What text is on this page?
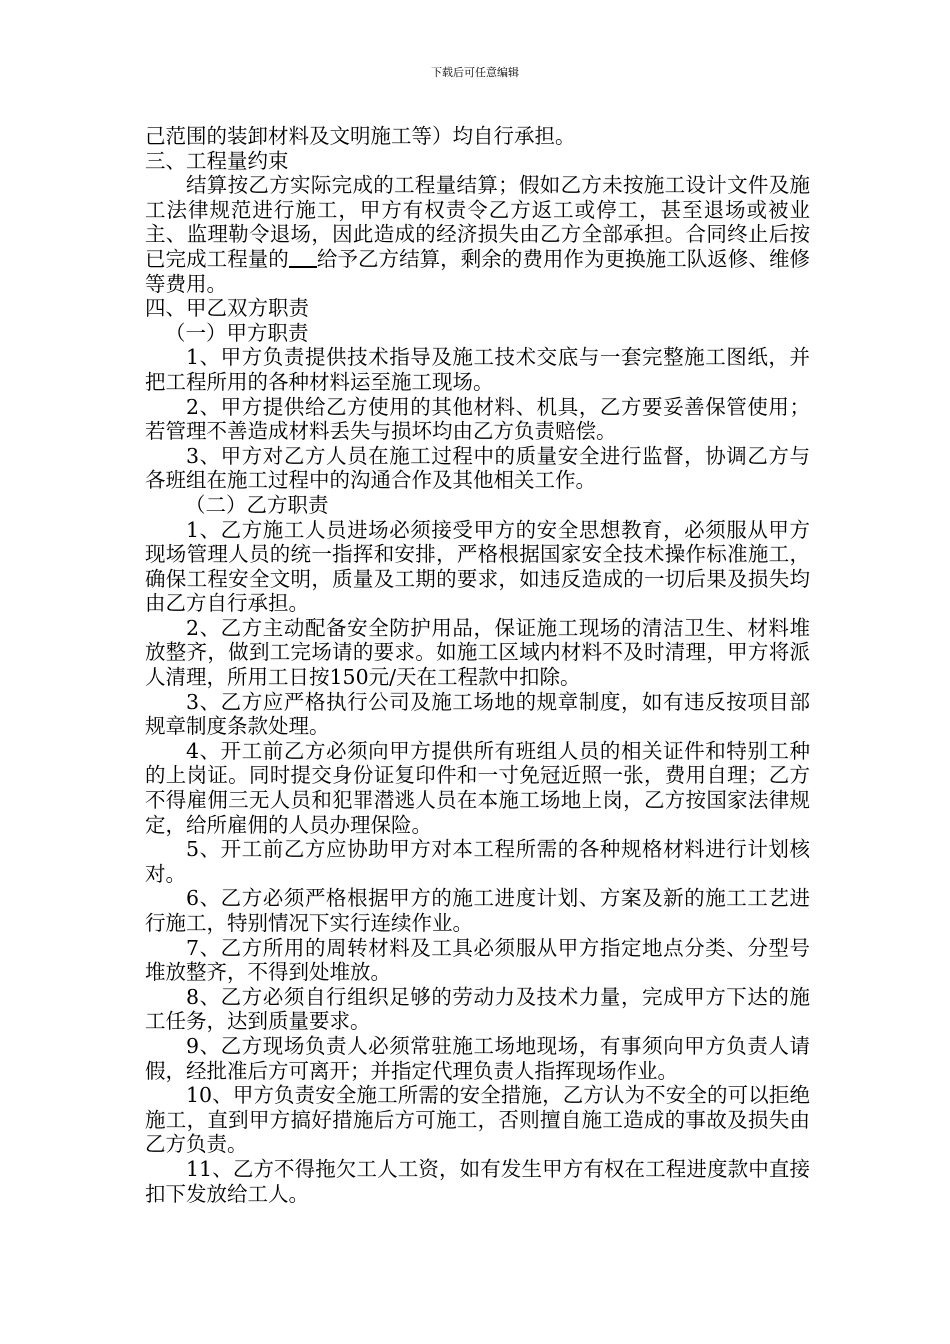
下载后可任意编辑

己范围的装卸材料及文明施工等）均自行承担。

三、工程量约束

结算按乙方实际完成的工程量结算；假如乙方未按施工设计文件及施工法律规范进行施工，甲方有权责令乙方返工或停工，甚至退场或被业主、监理勒令退场，因此造成的经济损失由乙方全部承担。合同终止后按已完成工程量的 给予乙方结算，剩余的费用作为更换施工队返修、维修等费用。

四、甲乙双方职责

（一）甲方职责

1、甲方负责提供技术指导及施工技术交底与一套完整施工图纸，并把工程所用的各种材料运至施工现场。

2、甲方提供给乙方使用的其他材料、机具，乙方要妥善保管使用；若管理不善造成材料丢失与损坏均由乙方负责赔偿。

3、甲方对乙方人员在施工过程中的质量安全进行监督，协调乙方与各班组在施工过程中的沟通合作及其他相关工作。

（二）乙方职责

1、乙方施工人员进场必须接受甲方的安全思想教育，必须服从甲方现场管理人员的统一指挥和安排，严格根据国家安全技术操作标准施工，确保工程安全文明，质量及工期的要求，如违反造成的一切后果及损失均由乙方自行承担。

2、乙方主动配备安全防护用品，保证施工现场的清洁卫生、材料堆放整齐，做到工完场请的要求。如施工区域内材料不及时清理，甲方将派人清理，所用工日按150元/天在工程款中扣除。

3、乙方应严格执行公司及施工场地的规章制度，如有违反按项目部规章制度条款处理。

4、开工前乙方必须向甲方提供所有班组人员的相关证件和特别工种的上岗证。同时提交身份证复印件和一寸免冠近照一张，费用自理；乙方不得雇佣三无人员和犯罪潜逃人员在本施工场地上岗，乙方按国家法律规定，给所雇佣的人员办理保险。

5、开工前乙方应协助甲方对本工程所需的各种规格材料进行计划核对。

6、乙方必须严格根据甲方的施工进度计划、方案及新的施工工艺进行施工，特别情况下实行连续作业。

7、乙方所用的周转材料及工具必须服从甲方指定地点分类、分型号堆放整齐，不得到处堆放。

8、乙方必须自行组织足够的劳动力及技术力量，完成甲方下达的施工任务，达到质量要求。

9、乙方现场负责人必须常驻施工场地现场，有事须向甲方负责人请假，经批准后方可离开；并指定代理负责人指挥现场作业。

10、甲方负责安全施工所需的安全措施，乙方认为不安全的可以拒绝施工，直到甲方搞好措施后方可施工，否则擅自施工造成的事故及损失由乙方负责。

11、乙方不得拖欠工人工资，如有发生甲方有权在工程进度款中直接扣下发放给工人。
